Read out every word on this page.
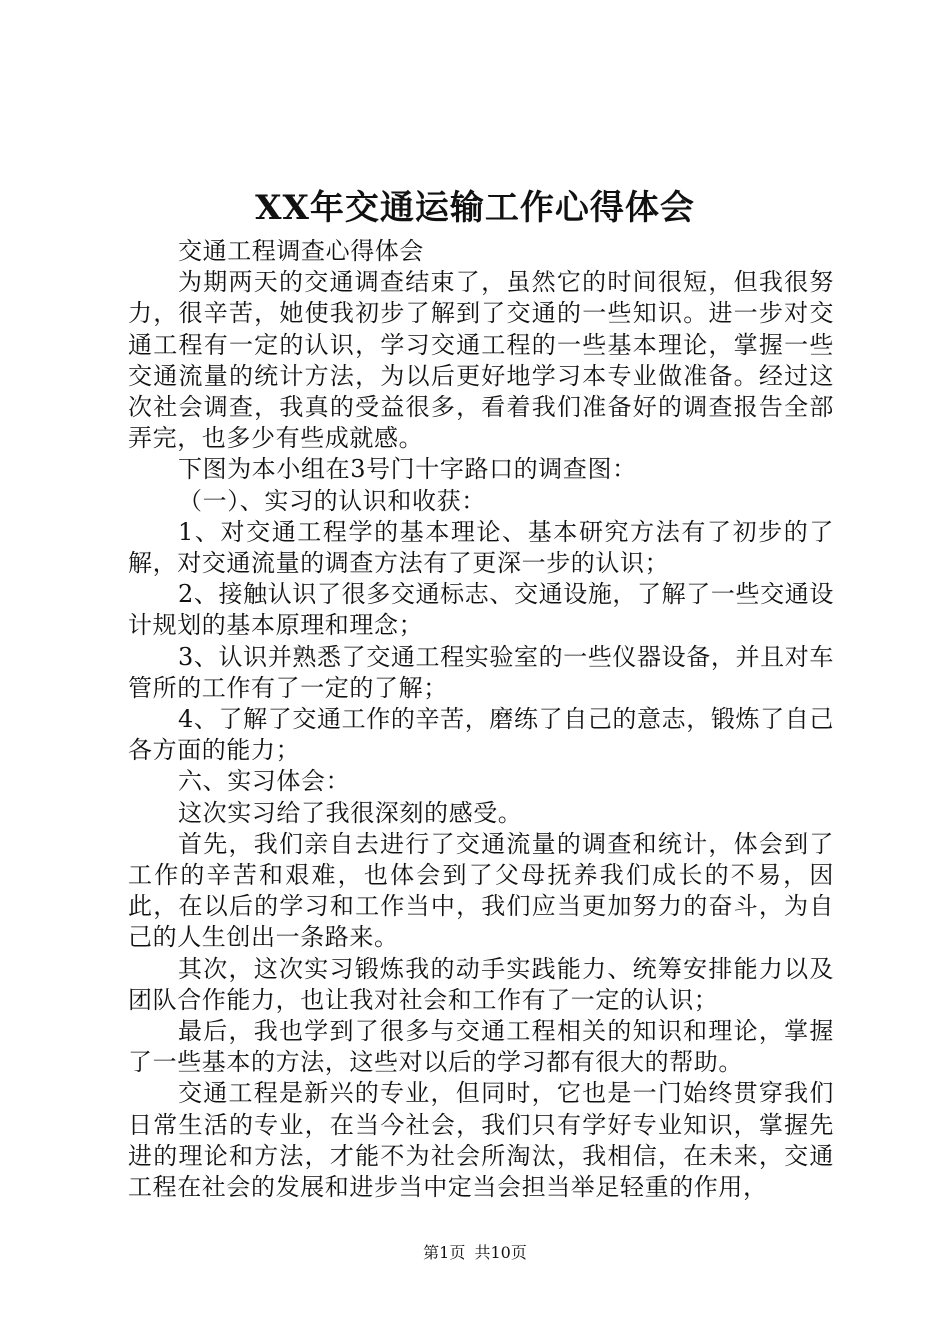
XX年交通运输工作心得体会

交通工程调查心得体会

为期两天的交通调查结束了，虽然它的时间很短，但我很努力，很辛苦，她使我初步了解到了交通的一些知识。进一步对交通工程有一定的认识，学习交通工程的一些基本理论，掌握一些交通流量的统计方法，为以后更好地学习本专业做准备。经过这次社会调查，我真的受益很多，看着我们准备好的调查报告全部弄完，也多少有些成就感。

下图为本小组在3号门十字路口的调查图：

（一）、实习的认识和收获：

1、对交通工程学的基本理论、基本研究方法有了初步的了解，对交通流量的调查方法有了更深一步的认识；

2、接触认识了很多交通标志、交通设施，了解了一些交通设计规划的基本原理和理念；

3、认识并熟悉了交通工程实验室的一些仪器设备，并且对车管所的工作有了一定的了解；

4、了解了交通工作的辛苦，磨练了自己的意志，锻炼了自己各方面的能力；

六、实习体会：

这次实习给了我很深刻的感受。

首先，我们亲自去进行了交通流量的调查和统计，体会到了工作的辛苦和艰难，也体会到了父母抚养我们成长的不易，因此，在以后的学习和工作当中，我们应当更加努力的奋斗，为自己的人生创出一条路来。

其次，这次实习锻炼我的动手实践能力、统筹安排能力以及团队合作能力，也让我对社会和工作有了一定的认识；

最后，我也学到了很多与交通工程相关的知识和理论，掌握了一些基本的方法，这些对以后的学习都有很大的帮助。

交通工程是新兴的专业，但同时，它也是一门始终贯穿我们日常生活的专业，在当今社会，我们只有学好专业知识，掌握先进的理论和方法，才能不为社会所淘汰，我相信，在未来，交通工程在社会的发展和进步当中定当会担当举足轻重的作用，

第1页 共10页
